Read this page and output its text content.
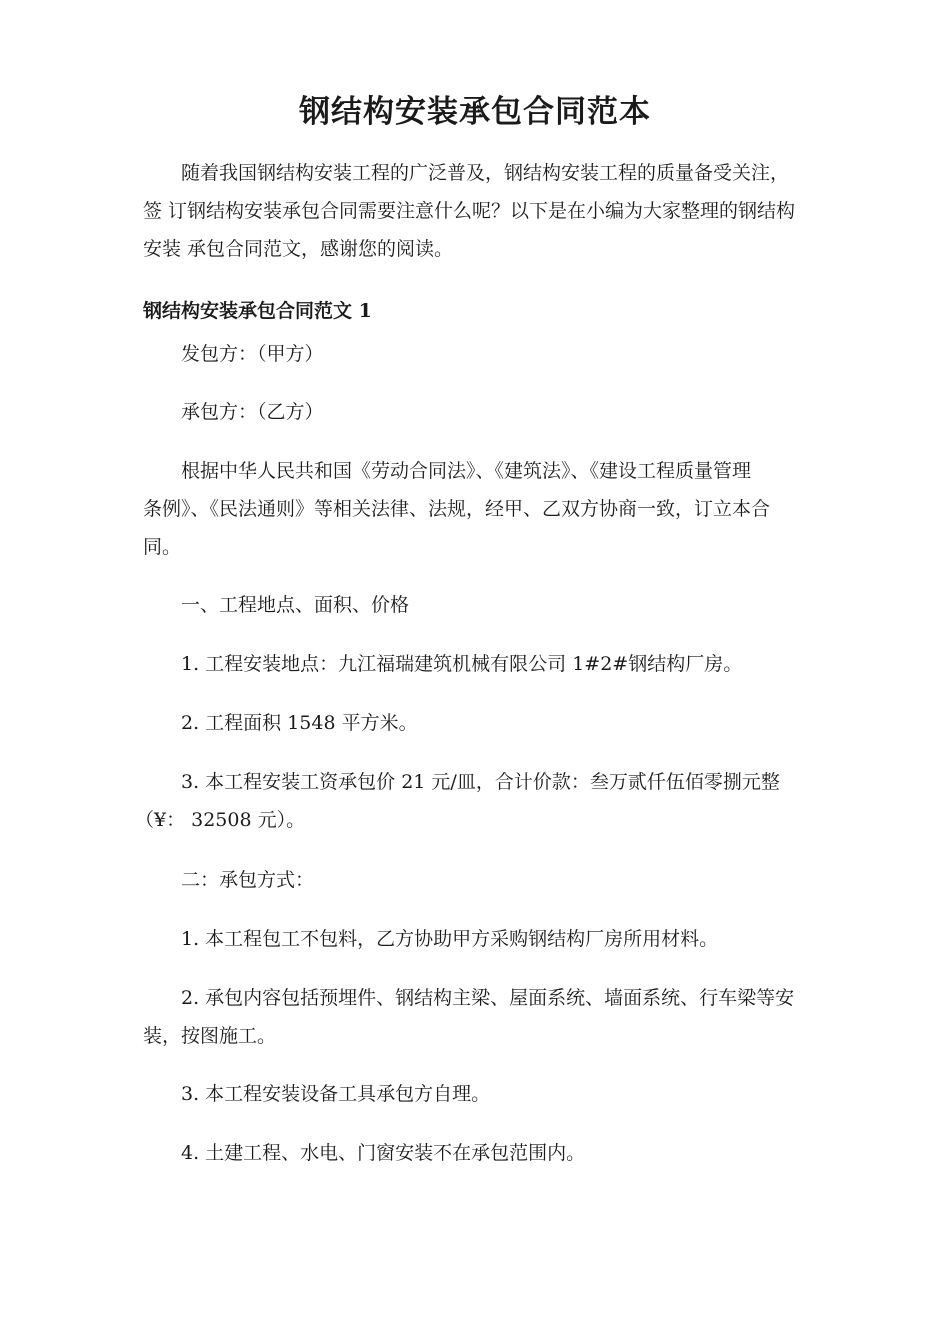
钢结构安装承包合同范本

随着我国钢结构安装工程的广泛普及，钢结构安装工程的质量备受关注，
签 订钢结构安装承包合同需要注意什么呢？以下是在小编为大家整理的钢结构
安装 承包合同范文，感谢您的阅读。

钢结构安装承包合同范文 1

发包方：（甲方）

承包方：（乙方）

根据中华人民共和国《劳动合同法》、《建筑法》、《建设工程质量管理
条例》、《民法通则》等相关法律、法规，经甲、乙双方协商一致，订立本合
同。

一、工程地点、面积、价格

1. 工程安装地点：九江福瑞建筑机械有限公司 1#2#钢结构厂房。

2. 工程面积 1548 平方米。

3. 本工程安装工资承包价 21 元/皿，合计价款：叁万贰仟伍佰零捌元整
（¥： 32508 元）。

二：承包方式：

1. 本工程包工不包料，乙方协助甲方采购钢结构厂房所用材料。

2. 承包内容包括预埋件、钢结构主梁、屋面系统、墙面系统、行车梁等安
装，按图施工。

3. 本工程安装设备工具承包方自理。

4. 土建工程、水电、门窗安装不在承包范围内。
